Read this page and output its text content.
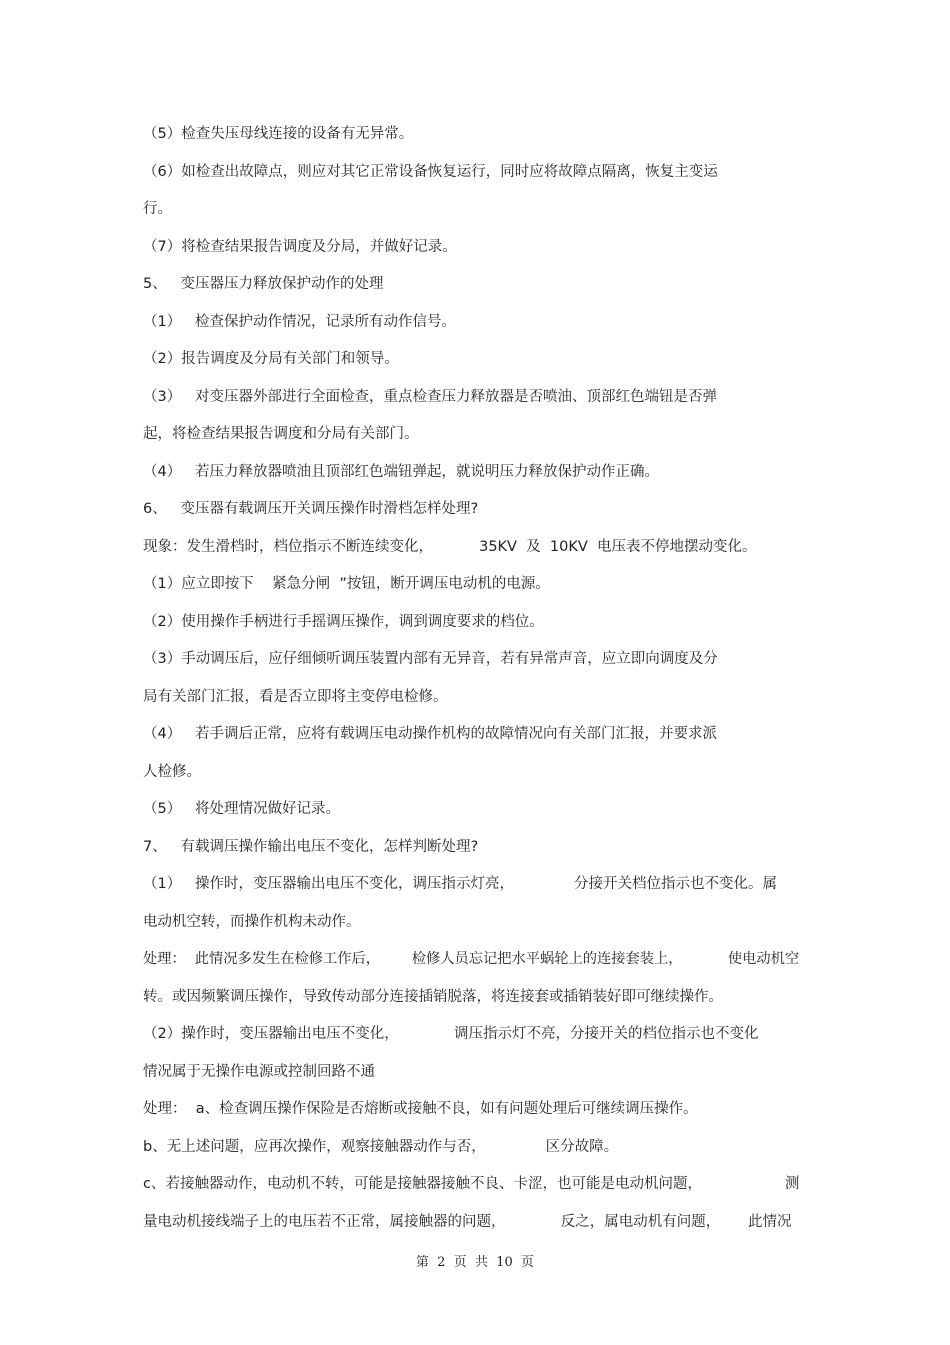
（5）检查失压母线连接的设备有无异常。
（6）如检查出故障点，则应对其它正常设备恢复运行，同时应将故障点隔离，恢复主变运
行。
（7）将检查结果报告调度及分局，并做好记录。
5、   变压器压力释放保护动作的处理
（1）   检查保护动作情况，记录所有动作信号。
（2）报告调度及分局有关部门和领导。
（3）   对变压器外部进行全面检查，重点检查压力释放器是否喷油、顶部红色端钮是否弹
起，将检查结果报告调度和分局有关部门。
（4）   若压力释放器喷油且顶部红色端钮弹起，就说明压力释放保护动作正确。
6、   变压器有载调压开关调压操作时滑档怎样处理?
现象：发生滑档时，档位指示不断连续变化，          35KV  及  10KV  电压表不停地摆动变化。
（1）应立即按下    紧急分闸  ”按钮，断开调压电动机的电源。
（2）使用操作手柄进行手摇调压操作，调到调度要求的档位。
（3）手动调压后，应仔细倾听调压装置内部有无异音，若有异常声音，应立即向调度及分
局有关部门汇报，看是否立即将主变停电检修。
（4）   若手调后正常，应将有载调压电动操作机构的故障情况向有关部门汇报，并要求派
人检修。
（5）   将处理情况做好记录。
7、   有载调压操作输出电压不变化，怎样判断处理?
（1）   操作时，变压器输出电压不变化，调压指示灯亮，             分接开关档位指示也不变化。属
电动机空转，而操作机构未动作。
处理：  此情况多发生在检修工作后，       检修人员忘记把水平蜗轮上的连接套装上，          使电动机空
转。或因频繁调压操作，导致传动部分连接插销脱落，将连接套或插销装好即可继续操作。
（2）操作时，变压器输出电压不变化，            调压指示灯不亮，分接开关的档位指示也不变化
情况属于无操作电源或控制回路不通
处理：  a、检查调压操作保险是否熔断或接触不良，如有问题处理后可继续调压操作。
b、无上述问题，应再次操作，观察接触器动作与否，             区分故障。
c、若接触器动作，电动机不转，可能是接触器接触不良、卡涩，也可能是电动机问题，                  测
量电动机接线端子上的电压若不正常，属接触器的问题，            反之，属电动机有问题，      此情况
第  2  页  共  10  页
